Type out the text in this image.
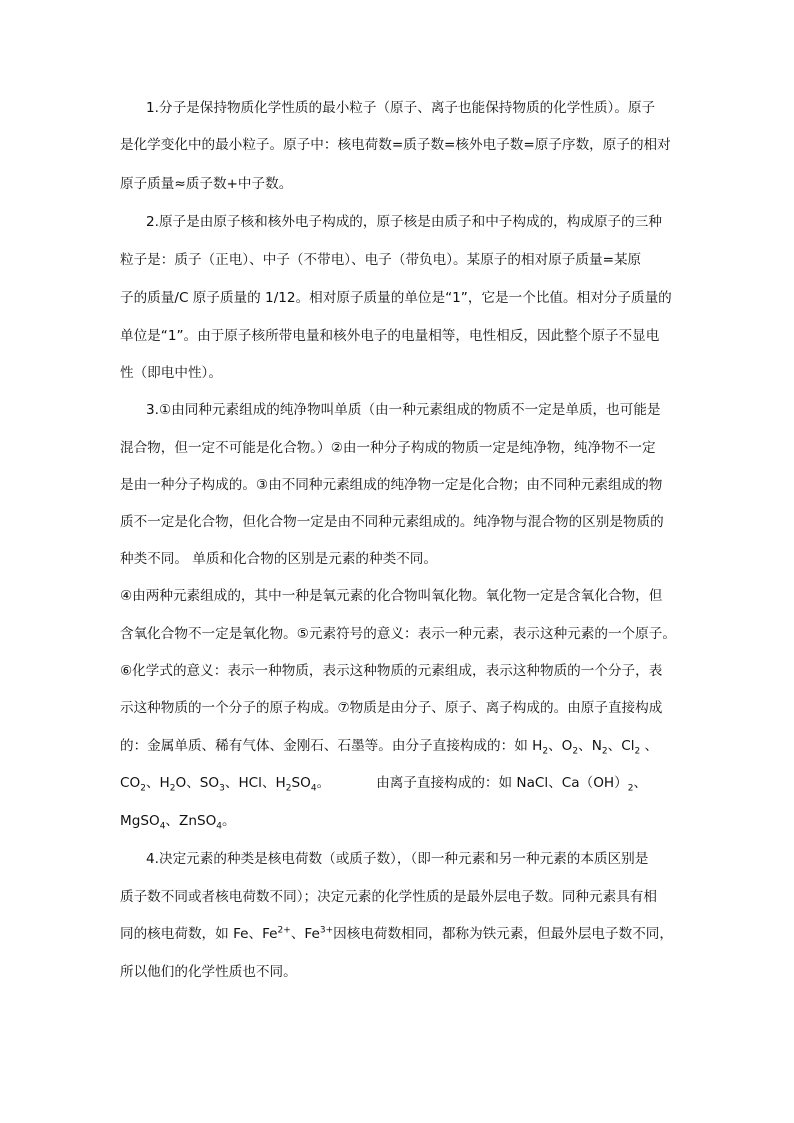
1.分子是保持物质化学性质的最小粒子（原子、离子也能保持物质的化学性质）。原子
是化学变化中的最小粒子。原子中：核电荷数=质子数=核外电子数=原子序数，原子的相对
原子质量≈质子数+中子数。
2.原子是由原子核和核外电子构成的，原子核是由质子和中子构成的，构成原子的三种
粒子是：质子（正电）、中子（不带电）、电子（带负电）。某原子的相对原子质量=某原
子的质量/C 原子质量的 1/12。相对原子质量的单位是“1”，它是一个比值。相对分子质量的
单位是“1”。由于原子核所带电量和核外电子的电量相等，电性相反，因此整个原子不显电
性（即电中性）。
3.①由同种元素组成的纯净物叫单质（由一种元素组成的物质不一定是单质，也可能是
混合物，但一定不可能是化合物。）②由一种分子构成的物质一定是纯净物，纯净物不一定
是由一种分子构成的。③由不同种元素组成的纯净物一定是化合物；由不同种元素组成的物
质不一定是化合物，但化合物一定是由不同种元素组成的。纯净物与混合物的区别是物质的
种类不同。 单质和化合物的区别是元素的种类不同。
④由两种元素组成的，其中一种是氧元素的化合物叫氧化物。氧化物一定是含氧化合物，但
含氧化合物不一定是氧化物。⑤元素符号的意义：表示一种元素，表示这种元素的一个原子。
⑥化学式的意义：表示一种物质，表示这种物质的元素组成，表示这种物质的一个分子，表
示这种物质的一个分子的原子构成。⑦物质是由分子、原子、离子构成的。由原子直接构成
的：金属单质、稀有气体、金刚石、石墨等。由分子直接构成的：如 $H_2$、$O_2$、$N_2$、$Cl_2$ 、
$CO_2$、$H_2O$、$SO_3$、HCl、$H_2SO_4$。	由离子直接构成的：如 NaCl、$Ca(OH)_2$、
MgSO$_4$、ZnSO$_4$。
4.决定元素的种类是核电荷数（或质子数），（即一种元素和另一种元素的本质区别是
质子数不同或者核电荷数不同）；决定元素的化学性质的是最外层电子数。同种元素具有相
同的核电荷数，如 Fe、$Fe^{2+}$、$Fe^{3+}$因核电荷数相同，都称为铁元素，但最外层电子数不同，
所以他们的化学性质也不同。
